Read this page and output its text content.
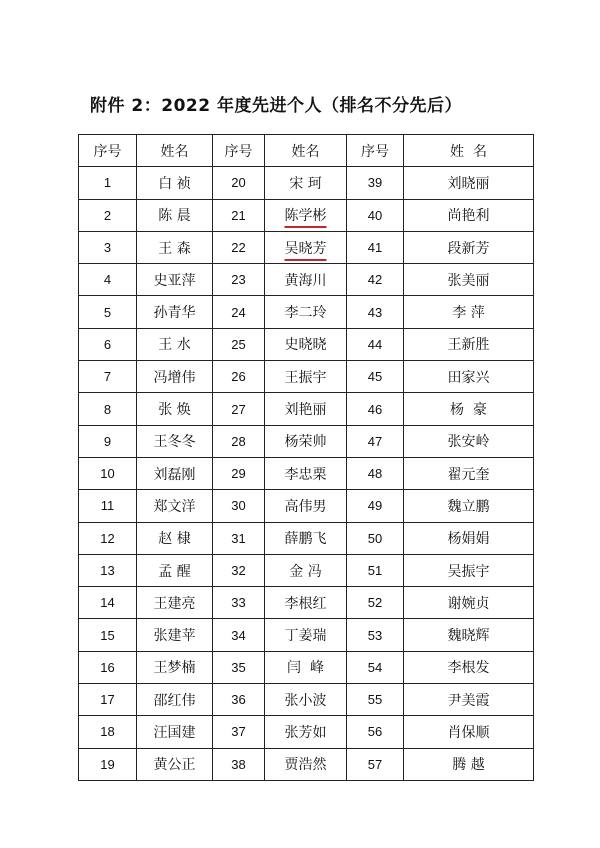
附件 2：2022 年度先进个人（排名不分先后）
序号	姓名	序号	姓名	序号	姓  名
1	白 祯	20	宋 珂	39	刘晓丽
2	陈 晨	21	陈学彬	40	尚艳利
3	王 森	22	吴晓芳	41	段新芳
4	史亚萍	23	黄海川	42	张美丽
5	孙青华	24	李二玲	43	李 萍
6	王 水	25	史晓晓	44	王新胜
7	冯增伟	26	王振宇	45	田家兴
8	张 焕	27	刘艳丽	46	杨  豪
9	王冬冬	28	杨荣帅	47	张安岭
10	刘磊刚	29	李忠栗	48	翟元奎
11	郑文洋	30	高伟男	49	魏立鹏
12	赵 棣	31	薛鹏飞	50	杨娟娟
13	孟 醒	32	金 冯	51	吴振宇
14	王建亮	33	李根红	52	谢婉贞
15	张建苹	34	丁姜瑞	53	魏晓辉
16	王梦楠	35	闫  峰	54	李根发
17	邵红伟	36	张小波	55	尹美霞
18	汪国建	37	张芳如	56	肖保顺
19	黄公正	38	贾浩然	57	腾 越
